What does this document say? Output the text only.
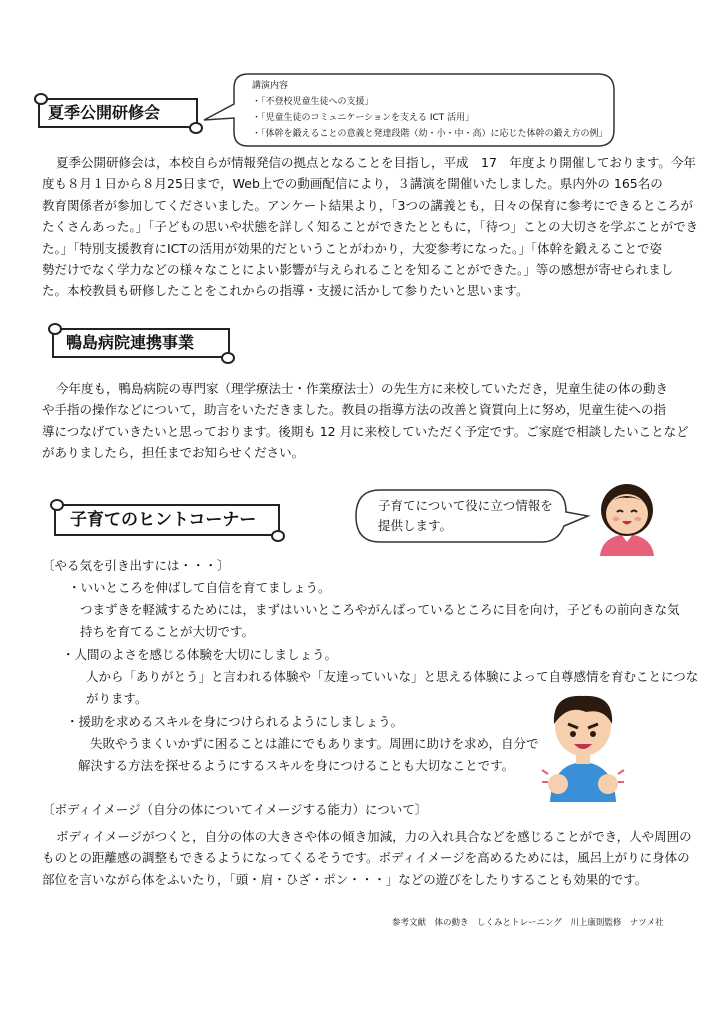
夏季公開研修会
講演内容
・「不登校児童生徒への支援」
・「児童生徒のコミュニケーションを支える ICT 活用」
・「体幹を鍛えることの意義と発達段階（幼・小・中・高）に応じた体幹の鍛え方の例」

夏季公開研修会は，本校自らが情報発信の拠点となることを目指し，平成　17　年度より開催しております。今年

度も８月１日から８月25日まで，Web上での動画配信により，３講演を開催いたしました。県内外の 165名の

教育関係者が参加してくださいました。アンケート結果より，「3つの講義とも，日々の保育に参考にできるところが

たくさんあった。」「子どもの思いや状態を詳しく知ることができたとともに，「待つ」ことの大切さを学ぶことができ

た。」「特別支援教育にICTの活用が効果的だということがわかり，大変参考になった。」「体幹を鍛えることで姿

勢だけでなく学力などの様々なことによい影響が与えられることを知ることができた。」等の感想が寄せられまし

た。本校教員も研修したことをこれからの指導・支援に活かして参りたいと思います。

鴨島病院連携事業

今年度も，鴨島病院の専門家（理学療法士・作業療法士）の先生方に来校していただき，児童生徒の体の動き

や手指の操作などについて，助言をいただきました。教員の指導方法の改善と資質向上に努め，児童生徒への指

導につなげていきたいと思っております。後期も 12 月に来校していただく予定です。ご家庭で相談したいことなど

がありましたら，担任までお知らせください。

子育てのヒントコーナー
子育てについて役に立つ情報を
提供します。
〔やる気を引き出すには・・・〕
・いいところを伸ばして自信を育てましょう。
つまずきを軽減するためには，まずはいいところやがんばっているところに目を向け，子どもの前向きな気
持ちを育てることが大切です。
・人間のよさを感じる体験を大切にしましょう。
人から「ありがとう」と言われる体験や「友達っていいな」と思える体験によって自尊感情を育むことにつな
がります。
・援助を求めるスキルを身につけられるようにしましょう。
失敗やうまくいかずに困ることは誰にでもあります。周囲に助けを求め，自分で
解決する方法を探せるようにするスキルを身につけることも大切なことです。
〔ボディイメージ（自分の体についてイメージする能力）について〕

ボディイメージがつくと，自分の体の大きさや体の傾き加減，力の入れ具合などを感じることができ，人や周囲の

ものとの距離感の調整もできるようになってくるそうです。ボディイメージを高めるためには，風呂上がりに身体の

部位を言いながら体をふいたり，「頭・肩・ひざ・ポン・・・」などの遊びをしたりすることも効果的です。

参考文献　体の動き　しくみとトレーニング　川上康則監修　ナツメ社
